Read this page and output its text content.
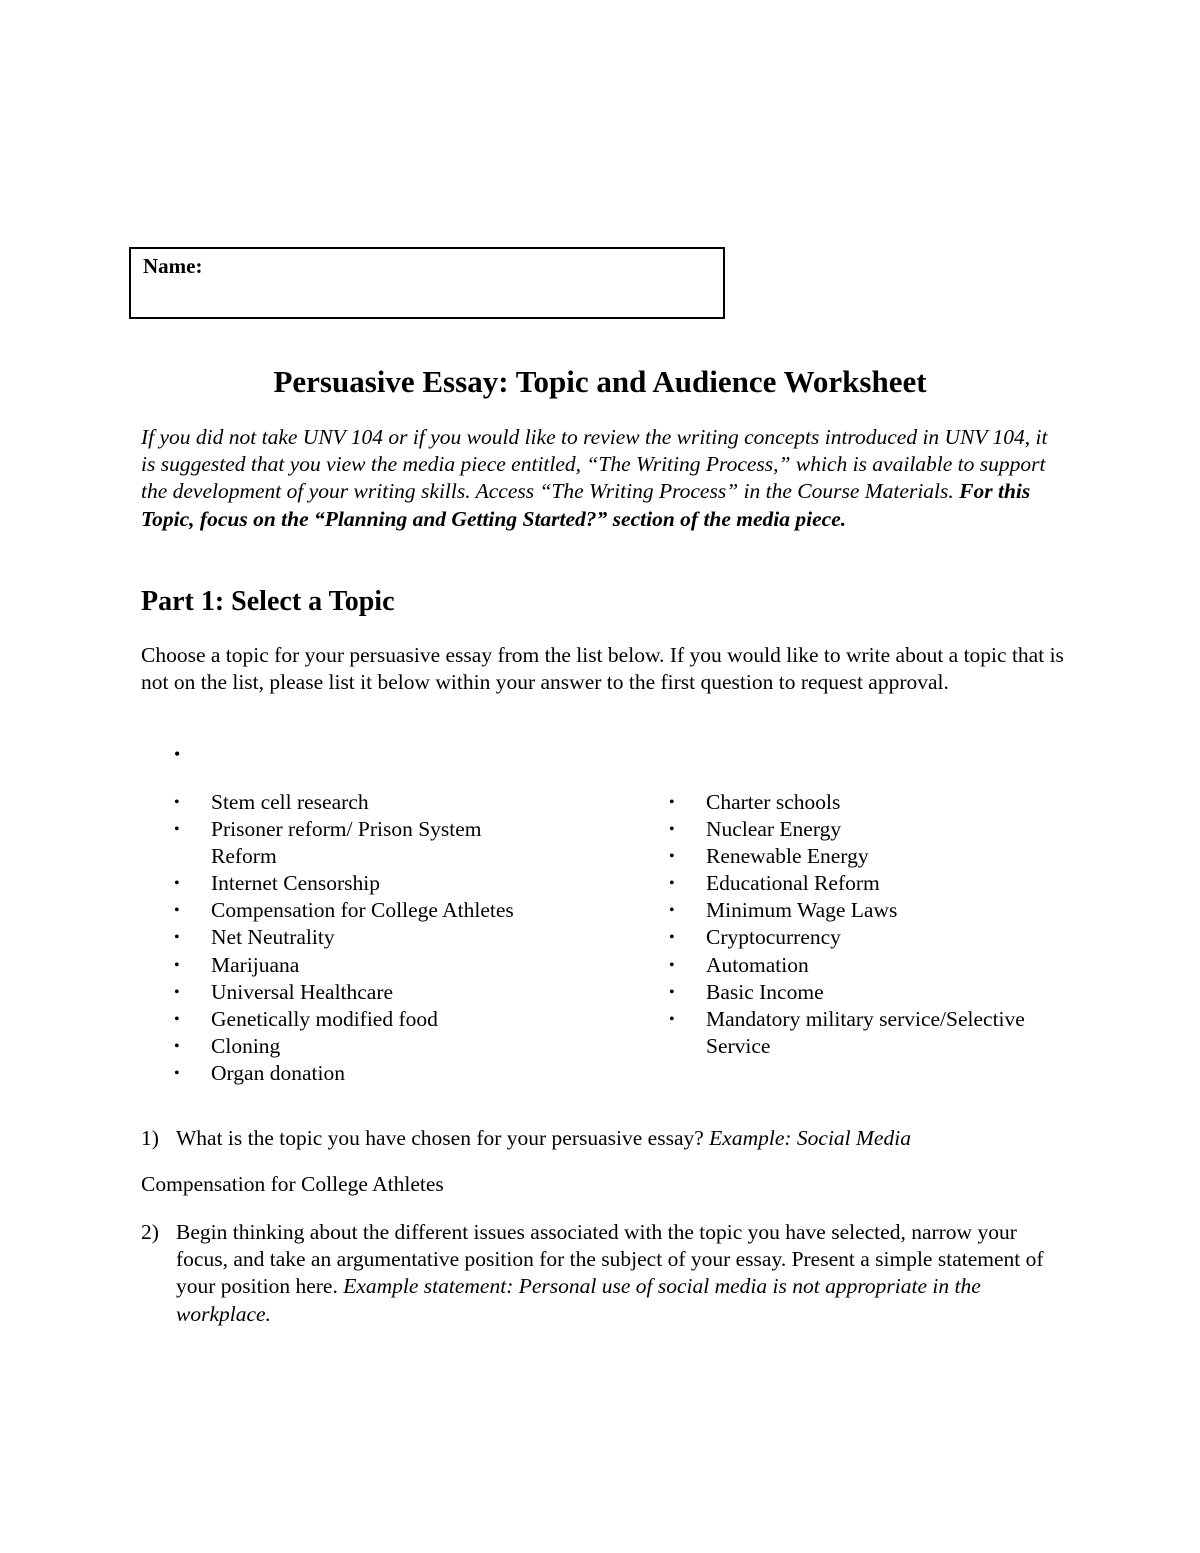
Name:
Persuasive Essay: Topic and Audience Worksheet
If you did not take UNV 104 or if you would like to review the writing concepts introduced in UNV 104, it is suggested that you view the media piece entitled, “The Writing Process,” which is available to support the development of your writing skills. Access “The Writing Process” in the Course Materials. For this Topic, focus on the “Planning and Getting Started?” section of the media piece.
Part 1: Select a Topic
Choose a topic for your persuasive essay from the list below. If you would like to write about a topic that is not on the list, please list it below within your answer to the first question to request approval.
•
• Stem cell research
• Prisoner reform/ Prison System Reform
• Internet Censorship
• Compensation for College Athletes
• Net Neutrality
• Marijuana
• Universal Healthcare
• Genetically modified food
• Cloning
• Organ donation
• Charter schools
• Nuclear Energy
• Renewable Energy
• Educational Reform
• Minimum Wage Laws
• Cryptocurrency
• Automation
• Basic Income
• Mandatory military service/Selective Service
1) What is the topic you have chosen for your persuasive essay? Example: Social Media
Compensation for College Athletes
2) Begin thinking about the different issues associated with the topic you have selected, narrow your focus, and take an argumentative position for the subject of your essay. Present a simple statement of your position here. Example statement: Personal use of social media is not appropriate in the workplace.
